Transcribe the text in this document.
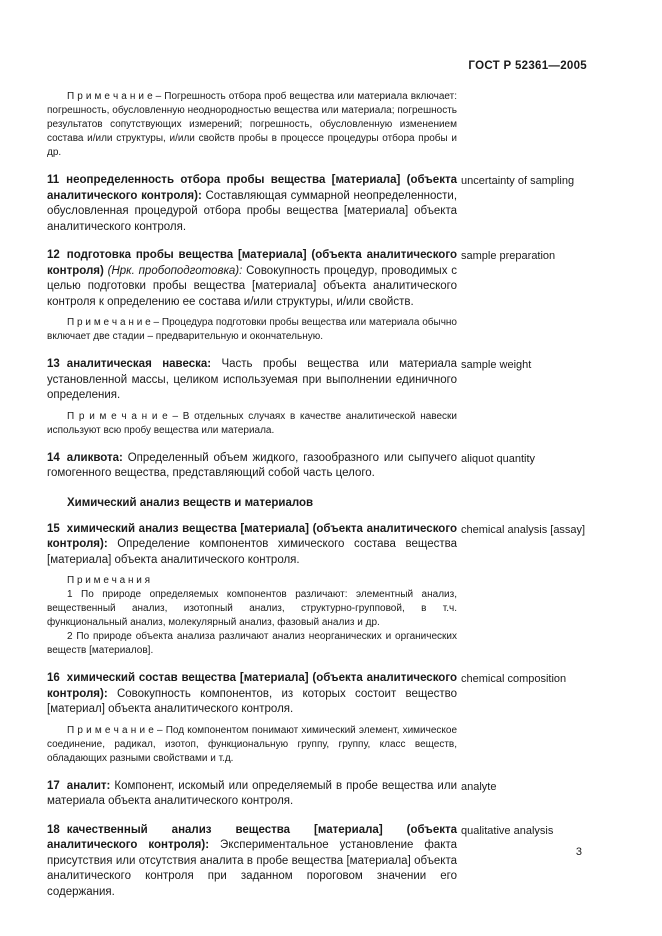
ГОСТ Р 52361—2005

П р и м е ч а н и е – Погрешность отбора проб вещества или материала включает: погрешность, обусловленную неоднородностью вещества или материала; погрешность результатов сопутствующих измерений; погрешность, обусловленную изменением состава и/или структуры, и/или свойств пробы в процессе процедуры отбора пробы и др.

11 неопределенность отбора пробы вещества [материала] (объекта аналитического контроля): Составляющая суммарной неопределенности, обусловленная процедурой отбора пробы вещества [материала] объекта аналитического контроля.

uncertainty of sampling

12 подготовка пробы вещества [материала] (объекта аналитического контроля) (Нрк. пробоподготовка): Совокупность процедур, проводимых с целью подготовки пробы вещества [материала] объекта аналитического контроля к определению ее состава и/или структуры, и/или свойств.

П р и м е ч а н и е – Процедура подготовки пробы вещества или материала обычно включает две стадии – предварительную и окончательную.

sample preparation

13 аналитическая навеска: Часть пробы вещества или материала установленной массы, целиком используемая при выполнении единичного определения.

П р и м е ч а н и е – В отдельных случаях в качестве аналитической навески используют всю пробу вещества или материала.

sample weight

14 аликвота: Определенный объем жидкого, газообразного или сыпучего гомогенного вещества, представляющий собой часть целого.

aliquot quantity

Химический анализ веществ и материалов

15 химический анализ вещества [материала] (объекта аналитического контроля): Определение компонентов химического состава вещества [материала] объекта аналитического контроля.

П р и м е ч а н и я

1 По природе определяемых компонентов различают: элементный анализ, вещественный анализ, изотопный анализ, структурно-групповой, в т.ч. функциональный анализ, молекулярный анализ, фазовый анализ и др.

2 По природе объекта анализа различают анализ неорганических и органических веществ [материалов].

chemical analysis [assay]

16 химический состав вещества [материала] (объекта аналитического контроля): Совокупность компонентов, из которых состоит вещество [материал] объекта аналитического контроля.

П р и м е ч а н и е – Под компонентом понимают химический элемент, химическое соединение, радикал, изотоп, функциональную группу, группу, класс веществ, обладающих разными свойствами и т.д.

chemical composition

17 аналит: Компонент, искомый или определяемый в пробе вещества или материала объекта аналитического контроля.

analyte

18 качественный анализ вещества [материала] (объекта аналитического контроля): Экспериментальное установление факта присутствия или отсутствия аналита в пробе вещества [материала] объекта аналитического контроля при заданном пороговом значении его содержания.

qualitative analysis
3
